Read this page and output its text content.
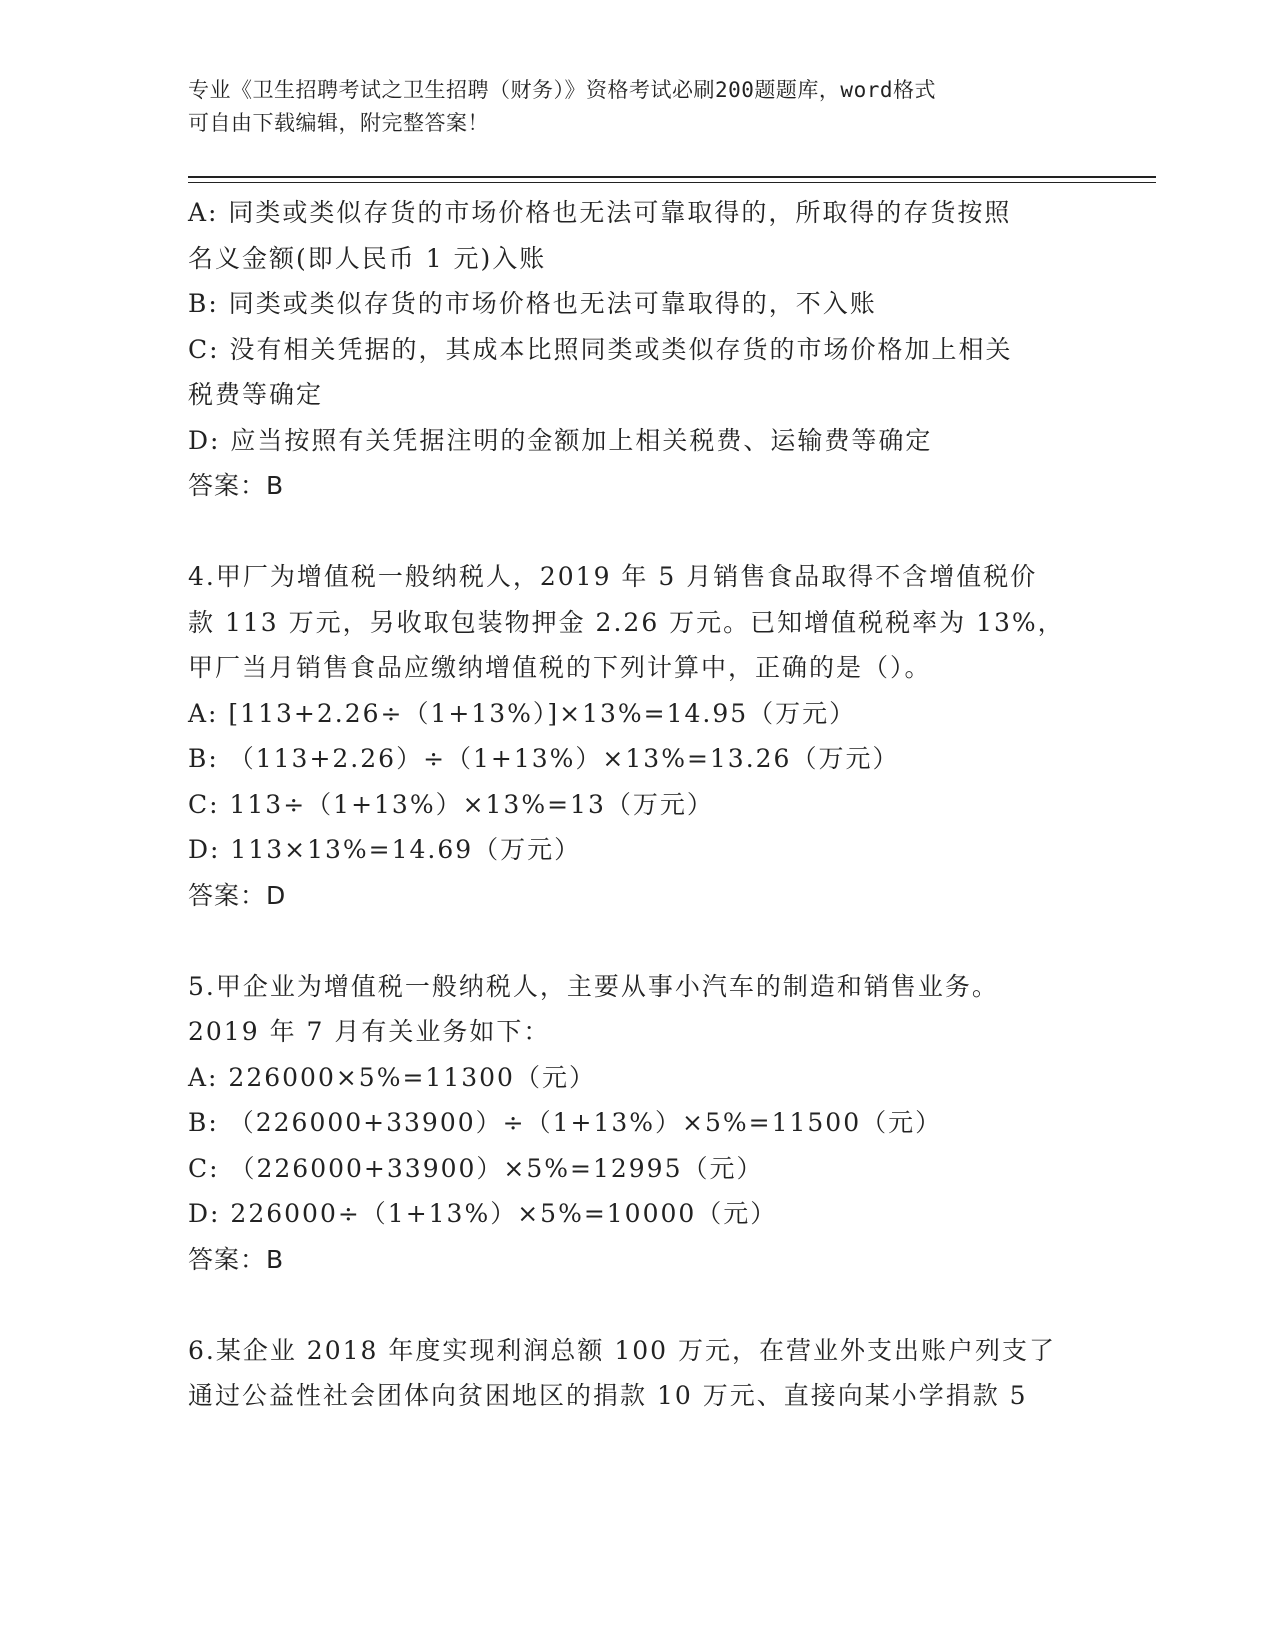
专业《卫生招聘考试之卫生招聘（财务）》资格考试必刷200题题库，word格式
可自由下载编辑，附完整答案！
A: 同类或类似存货的市场价格也无法可靠取得的，所取得的存货按照
名义金额(即人民币 1 元)入账
B: 同类或类似存货的市场价格也无法可靠取得的，不入账
C: 没有相关凭据的，其成本比照同类或类似存货的市场价格加上相关
税费等确定
D: 应当按照有关凭据注明的金额加上相关税费、运输费等确定
答案：B
4.甲厂为增值税一般纳税人，2019 年 5 月销售食品取得不含增值税价
款 113 万元，另收取包装物押金 2.26 万元。已知增值税税率为 13%，
甲厂当月销售食品应缴纳增值税的下列计算中，正确的是（）。
A: [113+2.26÷（1+13%）]×13%=14.95（万元）
B: （113+2.26）÷（1+13%）×13%=13.26（万元）
C: 113÷（1+13%）×13%=13（万元）
D: 113×13%=14.69（万元）
答案：D
5.甲企业为增值税一般纳税人，主要从事小汽车的制造和销售业务。
2019 年 7 月有关业务如下：
A: 226000×5%=11300（元）
B: （226000+33900）÷（1+13%）×5%=11500（元）
C: （226000+33900）×5%=12995（元）
D: 226000÷（1+13%）×5%=10000（元）
答案：B
6.某企业 2018 年度实现利润总额 100 万元，在营业外支出账户列支了
通过公益性社会团体向贫困地区的捐款 10 万元、直接向某小学捐款 5
